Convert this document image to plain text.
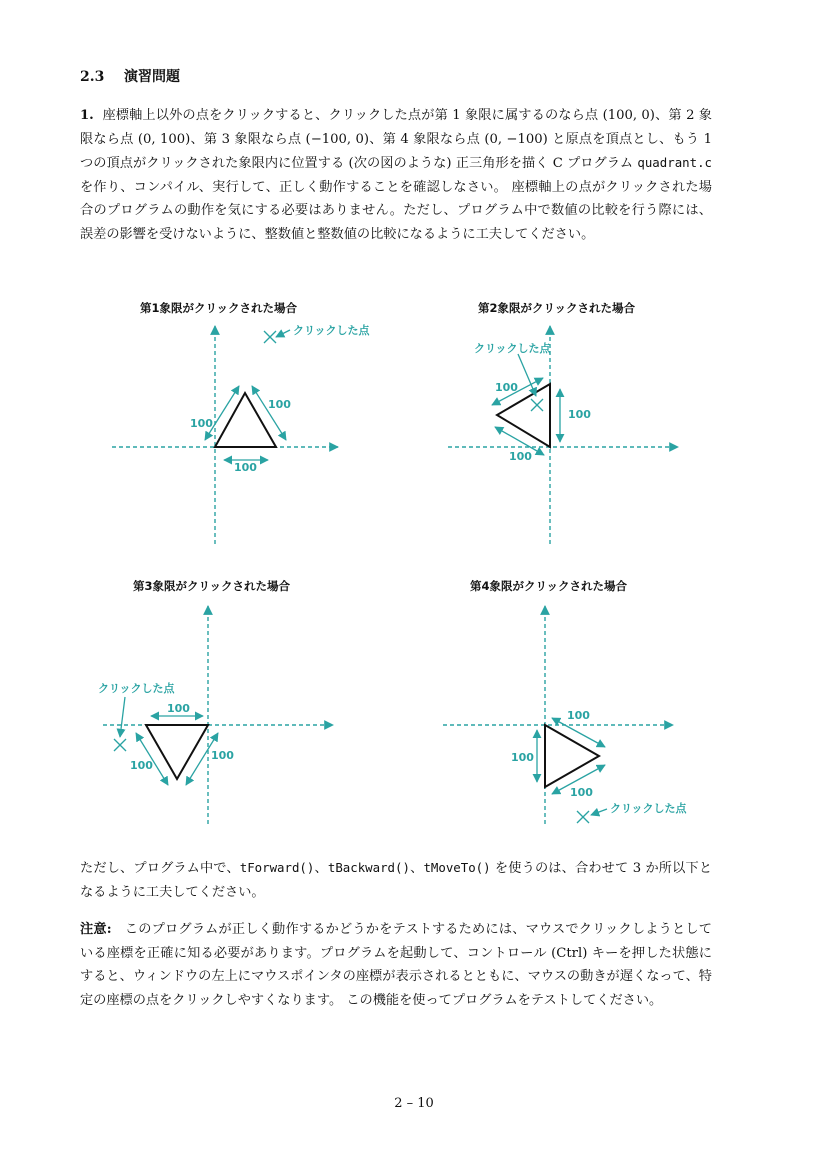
2.3 演習問題

1. 座標軸上以外の点をクリックすると、クリックした点が第 1 象限に属するのなら点 (100, 0)、第 2 象限なら点 (0, 100)、第 3 象限なら点 (−100, 0)、第 4 象限なら点 (0, −100) と原点を頂点とし、もう 1 つの頂点がクリックされた象限内に位置する (次の図のような) 正三角形を描く C プログラム quadrant.c を作り、コンパイル、実行して、正しく動作することを確認しなさい。 座標軸上の点がクリックされた場合のプログラムの動作を気にする必要はありません。ただし、プログラム中で数値の比較を行う際には、誤差の影響を受けないように、整数値と整数値の比較になるように工夫してください。

第1象限がクリックされた場合
100
100
100
クリックした点
第2象限がクリックされた場合
100
100
100
クリックした点
第3象限がクリックされた場合
100
100
100
クリックした点
第4象限がクリックされた場合
100
100
100
クリックした点

ただし、プログラム中で、tForward()、tBackward()、tMoveTo() を使うのは、合わせて 3 か所以下となるように工夫してください。

注意: このプログラムが正しく動作するかどうかをテストするためには、マウスでクリックしようとしている座標を正確に知る必要があります。プログラムを起動して、コントロール (Ctrl) キーを押した状態にすると、ウィンドウの左上にマウスポインタの座標が表示されるとともに、マウスの動きが遅くなって、特定の座標の点をクリックしやすくなります。 この機能を使ってプログラムをテストしてください。

2 – 10
